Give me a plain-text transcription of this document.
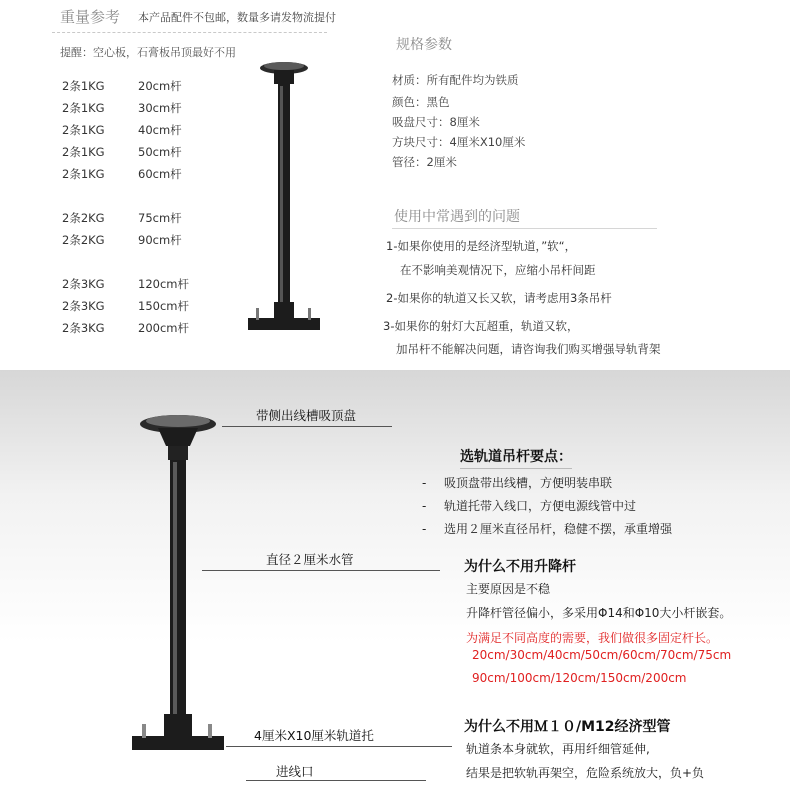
重量参考 本产品配件不包邮，数量多请发物流提付
提醒：空心板，石膏板吊顶最好不用
2条1KG	20cm杆
2条1KG	30cm杆
2条1KG	40cm杆
2条1KG	50cm杆
2条1KG	60cm杆
2条2KG	75cm杆
2条2KG	90cm杆
2条3KG	120cm杆
2条3KG	150cm杆
2条3KG	200cm杆
规格参数
材质：所有配件均为铁质
颜色：黑色
吸盘尺寸：8厘米
方块尺寸：4厘米X10厘米
管径：2厘米
使用中常遇到的问题
1-如果你使用的是经济型轨道，”软“，
在不影响美观情况下，应缩小吊杆间距
2-如果你的轨道又长又软，请考虑用3条吊杆
3-如果你的射灯大瓦超重，轨道又软，
加吊杆不能解决问题，请咨询我们购买增强导轨背架
带侧出线槽吸顶盘
直径２厘米水管
4厘米X10厘米轨道托
进线口
选轨道吊杆要点：
- 吸顶盘带出线槽，方便明装串联
- 轨道托带入线口，方便电源线管中过
- 选用２厘米直径吊杆，稳健不摆，承重增强
为什么不用升降杆
主要原因是不稳
升降杆管径偏小，多采用Φ14和Φ10大小杆嵌套。
为满足不同高度的需要，我们做很多固定杆长。
20cm/30cm/40cm/50cm/60cm/70cm/75cm
90cm/100cm/120cm/150cm/200cm
为什么不用Ｍ１０/M12经济型管
轨道条本身就软，再用纤细管延伸,
结果是把软轨再架空，危险系统放大，负+负
